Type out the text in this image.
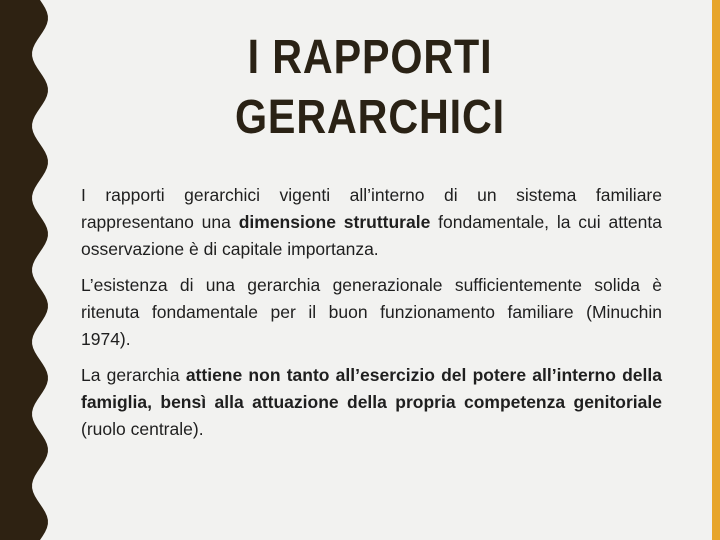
I RAPPORTI GERARCHICI

I rapporti gerarchici vigenti all’interno di un sistema familiare rappresentano una dimensione strutturale fondamentale, la cui attenta osservazione è di capitale importanza.

L’esistenza di una gerarchia generazionale sufficientemente solida è ritenuta fondamentale per il buon funzionamento familiare (Minuchin 1974).

La gerarchia attiene non tanto all’esercizio del potere all’interno della famiglia, bensì alla attuazione della propria competenza genitoriale (ruolo centrale).
